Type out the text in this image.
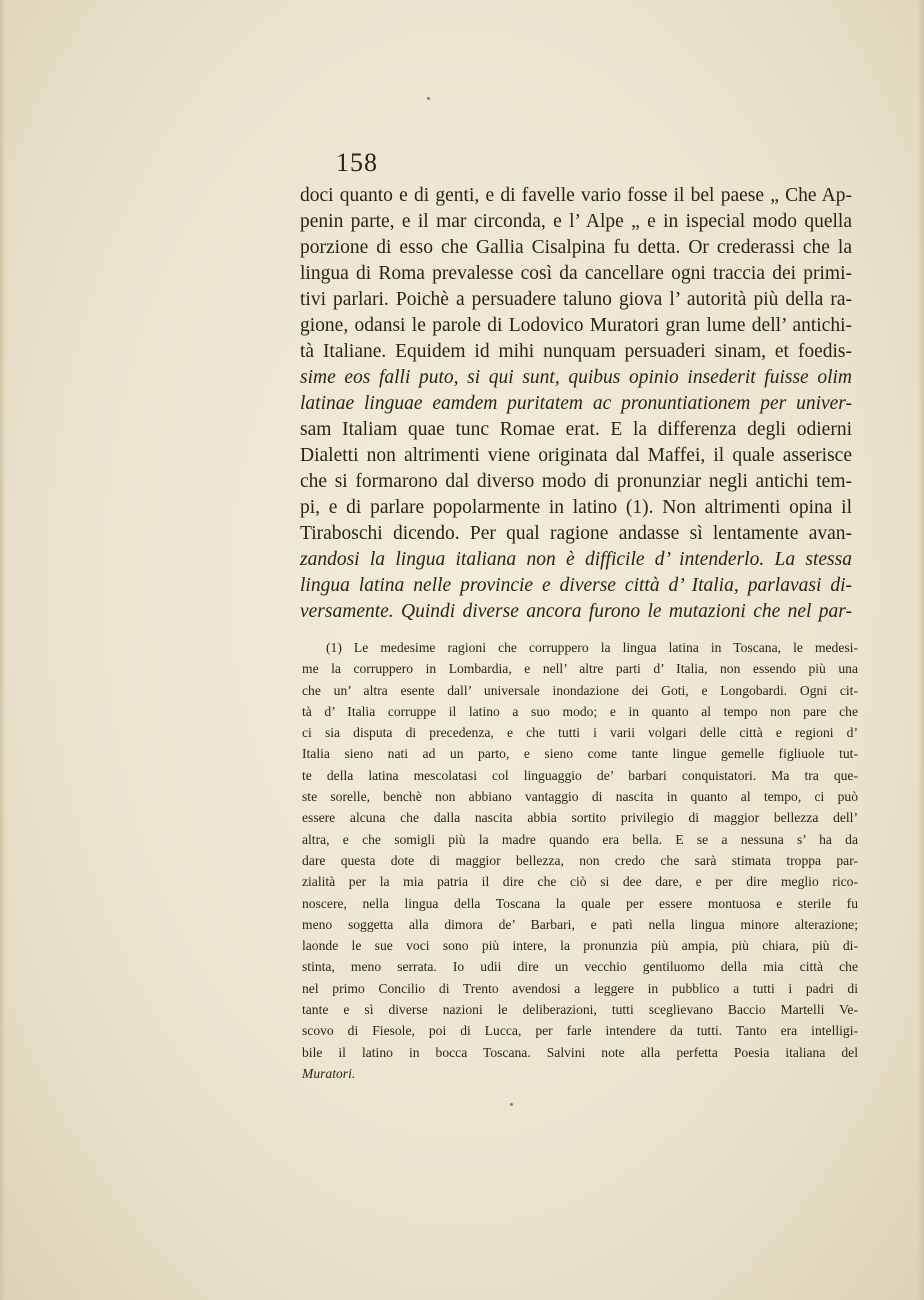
158
doci quanto e di genti, e di favelle vario fosse il bel paese „ Che Ap-
penin parte, e il mar circonda, e l’ Alpe „ e in ispecial modo quella
porzione di esso che Gallia Cisalpina fu detta. Or crederassi che la
lingua di Roma prevalesse così da cancellare ogni traccia dei primi-
tivi parlari. Poichè a persuadere taluno giova l’ autorità più della ra-
gione, odansi le parole di Lodovico Muratori gran lume dell’ antichi-
tà Italiane. Equidem id mihi nunquam persuaderi sinam, et foedis-
sime eos falli puto, si qui sunt, quibus opinio insederit fuisse olim
latinae linguae eamdem puritatem ac pronuntiationem per univer-
sam Italiam quae tunc Romae erat. E la differenza degli odierni
Dialetti non altrimenti viene originata dal Maffei, il quale asserisce
che si formarono dal diverso modo di pronunziar negli antichi tem-
pi, e di parlare popolarmente in latino (1). Non altrimenti opina il
Tiraboschi dicendo. Per qual ragione andasse sì lentamente avan-
zandosi la lingua italiana non è difficile d’ intenderlo. La stessa
lingua latina nelle provincie e diverse città d’ Italia, parlavasi di-
versamente. Quindi diverse ancora furono le mutazioni che nel par-
(1) Le medesime ragioni che corruppero la lingua latina in Toscana, le medesi-
me la corruppero in Lombardia, e nell’ altre parti d’ Italia, non essendo più una
che un’ altra esente dall’ universale inondazione dei Goti, e Longobardi. Ogni cit-
tà d’ Italia corruppe il latino a suo modo; e in quanto al tempo non pare che
ci sia disputa di precedenza, e che tutti i varii volgari delle città e regioni d’
Italia sieno nati ad un parto, e sieno come tante lingue gemelle figliuole tut-
te della latina mescolatasi col linguaggio de’ barbari conquistatori. Ma tra que-
ste sorelle, benchè non abbiano vantaggio di nascita in quanto al tempo, ci può
essere alcuna che dalla nascita abbia sortito privilegio di maggior bellezza dell’
altra, e che somigli più la madre quando era bella. E se a nessuna s’ ha da
dare questa dote di maggior bellezza, non credo che sarà stimata troppa par-
zialità per la mia patria il dire che ciò si dee dare, e per dire meglio rico-
noscere, nella lingua della Toscana la quale per essere montuosa e sterile fu
meno soggetta alla dimora de’ Barbari, e patì nella lingua minore alterazione;
laonde le sue voci sono più intere, la pronunzia più ampia, più chiara, più di-
stinta, meno serrata. Io udii dire un vecchio gentiluomo della mia città che
nel primo Concilio di Trento avendosi a leggere in pubblico a tutti i padri di
tante e sì diverse nazioni le deliberazioni, tutti sceglievano Baccio Martelli Ve-
scovo di Fiesole, poi di Lucca, per farle intendere da tutti. Tanto era intelligi-
bile il latino in bocca Toscana. Salvini note alla perfetta Poesia italiana del
Muratori.
